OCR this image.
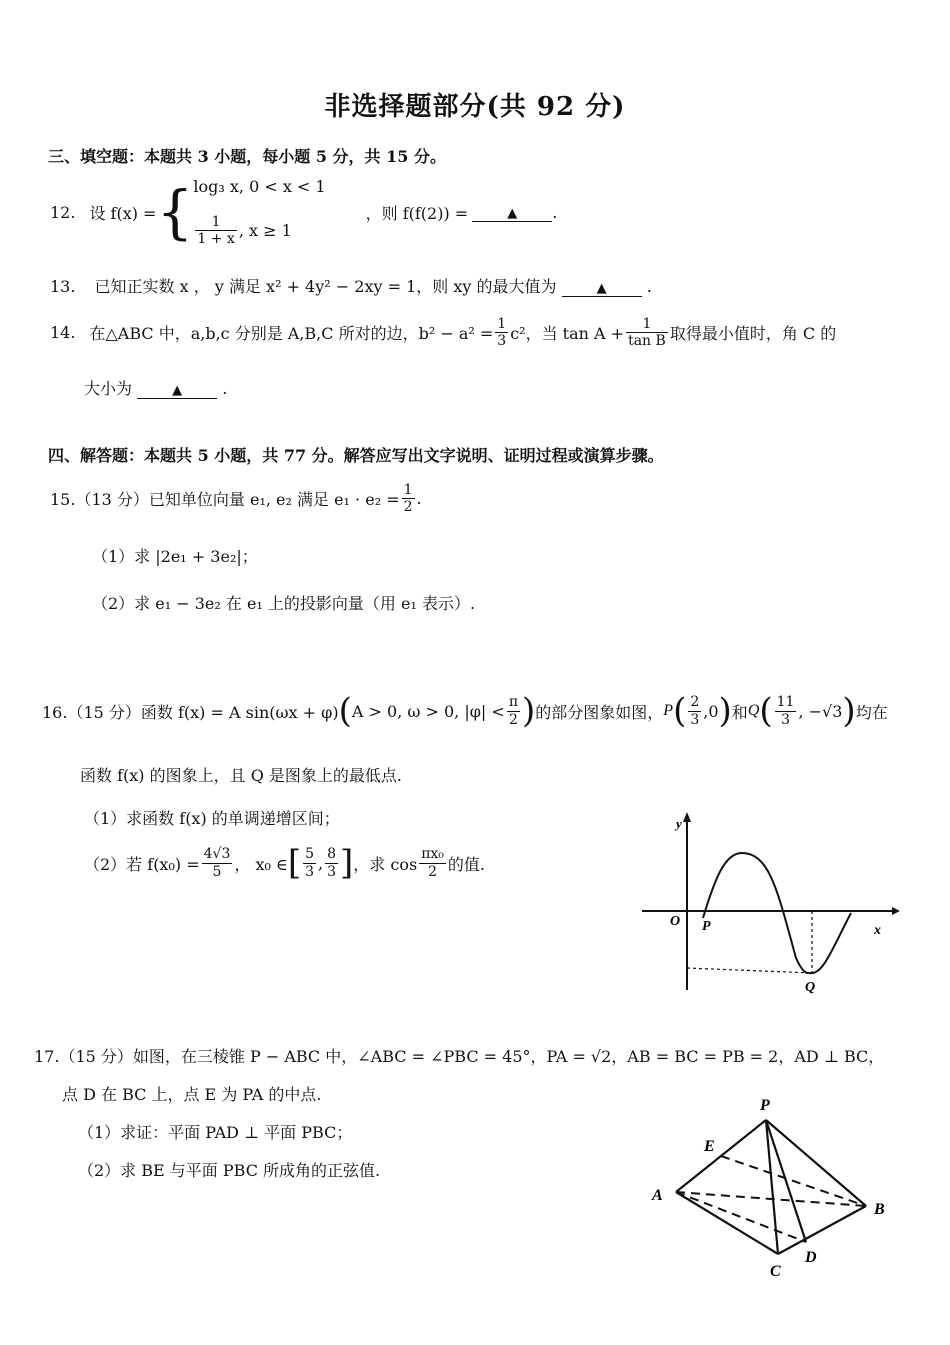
非选择题部分(共 92 分)
三、填空题：本题共 3 小题，每小题 5 分，共 15 分。
12. 设 f(x) = { log₃ x, 0 < x < 1
$\frac{1}{1 + x}$ , x ≥ 1
，则 f(f(2)) =	▲	.
13. 已知正实数 x ， y 满足 x² + 4y² − 2xy = 1，则 xy 的最大值为	▲	.
14. 在△ABC 中，a,b,c 分别是 A,B,C 所对的边，$b^2 - a^2 = \frac{1}{3} c^2$，当 $\tan A + \frac{1}{\text{tan B}}$ 取得最小值时，角 C 的
大小为	▲	.
四、解答题：本题共 5 小题，共 77 分。解答应写出文字说明、证明过程或演算步骤。
15.（13 分）已知单位向量 e₁, e₂ 满足 $e_1 \cdot e_2 = \frac{1}{2}$ .
（1）求 |2e₁ + 3e₂|；
（2）求 e₁ − 3e₂ 在 e₁ 上的投影向量（用 e₁ 表示）.
16.（15 分）函数 f(x) = A sin(ωx + φ) ( A > 0, ω > 0, $|\varphi| < \frac{\pi}{2}$ ) 的部分图象如图， P ( $\frac{2}{3} ,0$ ) 和 Q ( $\frac{11}{3}$ , −√3 ) 均在
函数 f(x) 的图象上，且 Q 是图象上的最低点.
（1）求函数 f(x) 的单调递增区间；
（2）若 $f(x_0) = \frac{4√3}{5}$ ， x₀ ∈ [ $\frac{5}{3}$ , $\frac{8}{3}$ ] ，求 $\cos \frac{\text{πx₀}}{2}$ 的值.
y
x
O P
Q
17.（15 分）如图，在三棱锥 P − ABC 中，∠ABC = ∠PBC = 45°，PA = √2，AB = BC = PB = 2，AD ⊥ BC，
点 D 在 BC 上，点 E 为 PA 的中点.
（1）求证：平面 PAD ⊥ 平面 PBC；
（2）求 BE 与平面 PBC 所成角的正弦值.
P
E
A
B
C
D
